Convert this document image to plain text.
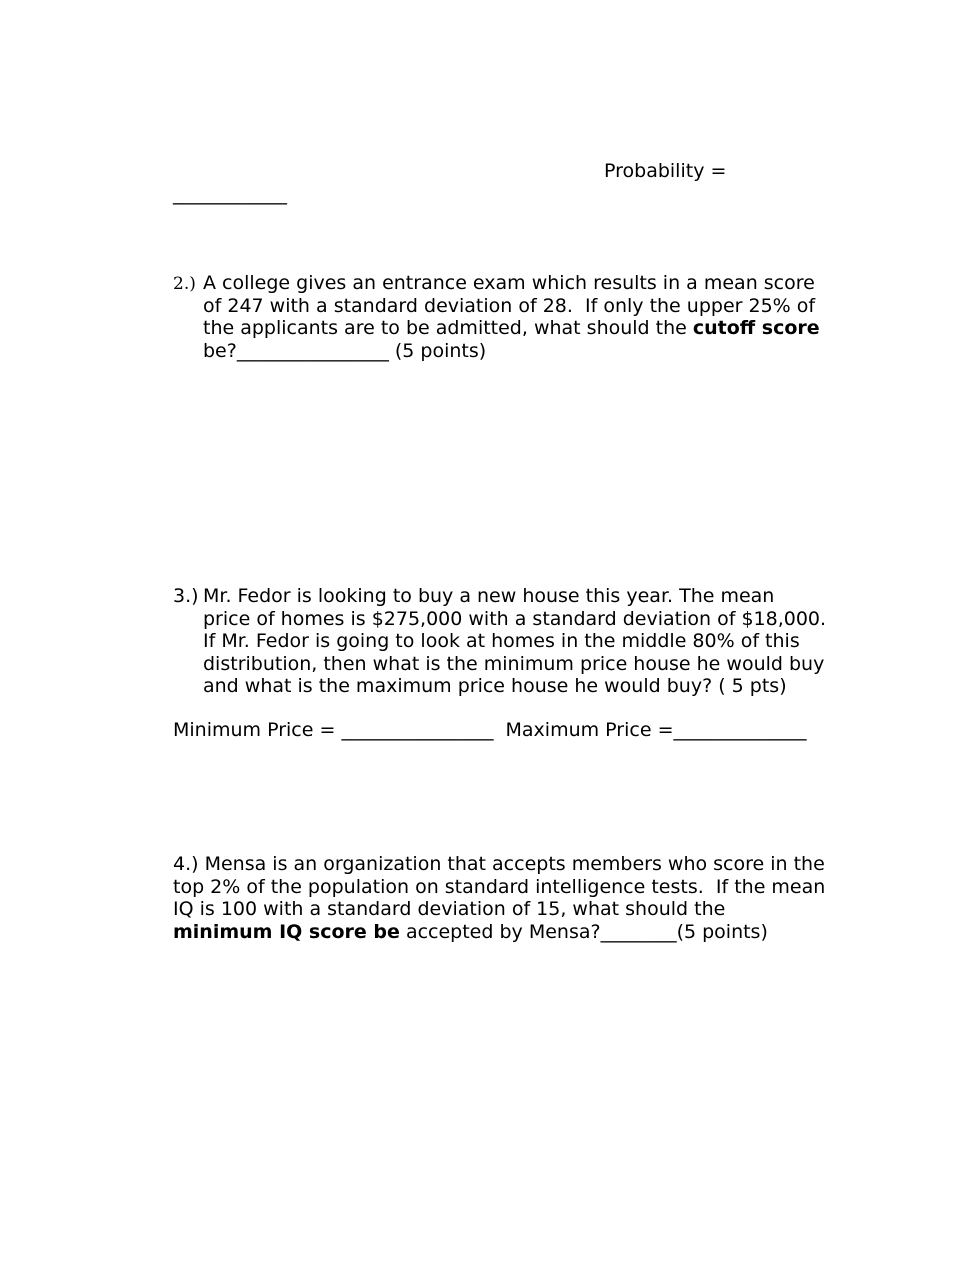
Probability =
____________
2.) A college gives an entrance exam which results in a mean score
of 247 with a standard deviation of 28.  If only the upper 25% of
the applicants are to be admitted, what should the cutoff score
be?________________ (5 points)
3.) Mr. Fedor is looking to buy a new house this year. The mean
price of homes is $275,000 with a standard deviation of $18,000.
If Mr. Fedor is going to look at homes in the middle 80% of this
distribution, then what is the minimum price house he would buy
and what is the maximum price house he would buy? ( 5 pts)
Minimum Price = ________________  Maximum Price =______________
4.) Mensa is an organization that accepts members who score in the
top 2% of the population on standard intelligence tests.  If the mean
IQ is 100 with a standard deviation of 15, what should the
minimum IQ score be accepted by Mensa?________(5 points)
